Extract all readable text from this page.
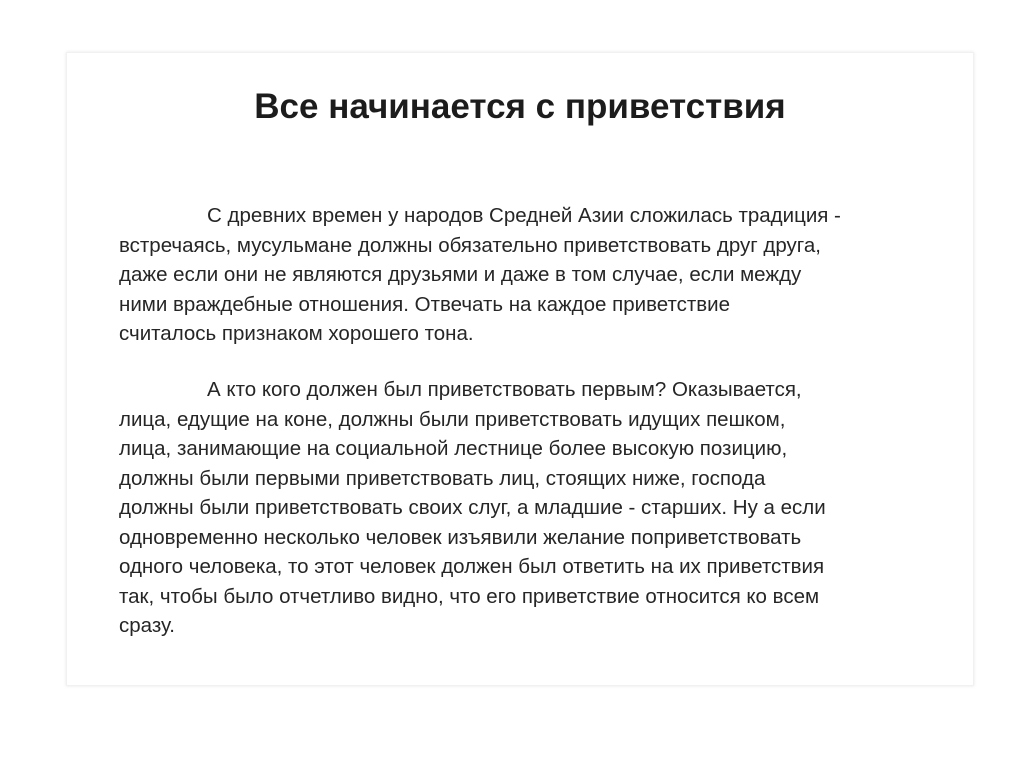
Все начинается с приветствия

С древних времен у народов Средней Азии сложилась традиция -
встречаясь, мусульмане должны обязательно приветствовать друг друга,
даже если они не являются друзьями и даже в том случае, если между
ними враждебные отношения. Отвечать на каждое приветствие
считалось признаком хорошего тона.

А кто кого должен был приветствовать первым? Оказывается,
лица, едущие на коне, должны были приветствовать идущих пешком,
лица, занимающие на социальной лестнице более высокую позицию,
должны были первыми приветствовать лиц, стоящих ниже, господа
должны были приветствовать своих слуг, а младшие - старших. Ну а если
одновременно несколько человек изъявили желание поприветствовать
одного человека, то этот человек должен был ответить на их приветствия
так, чтобы было отчетливо видно, что его приветствие относится ко всем
сразу.
